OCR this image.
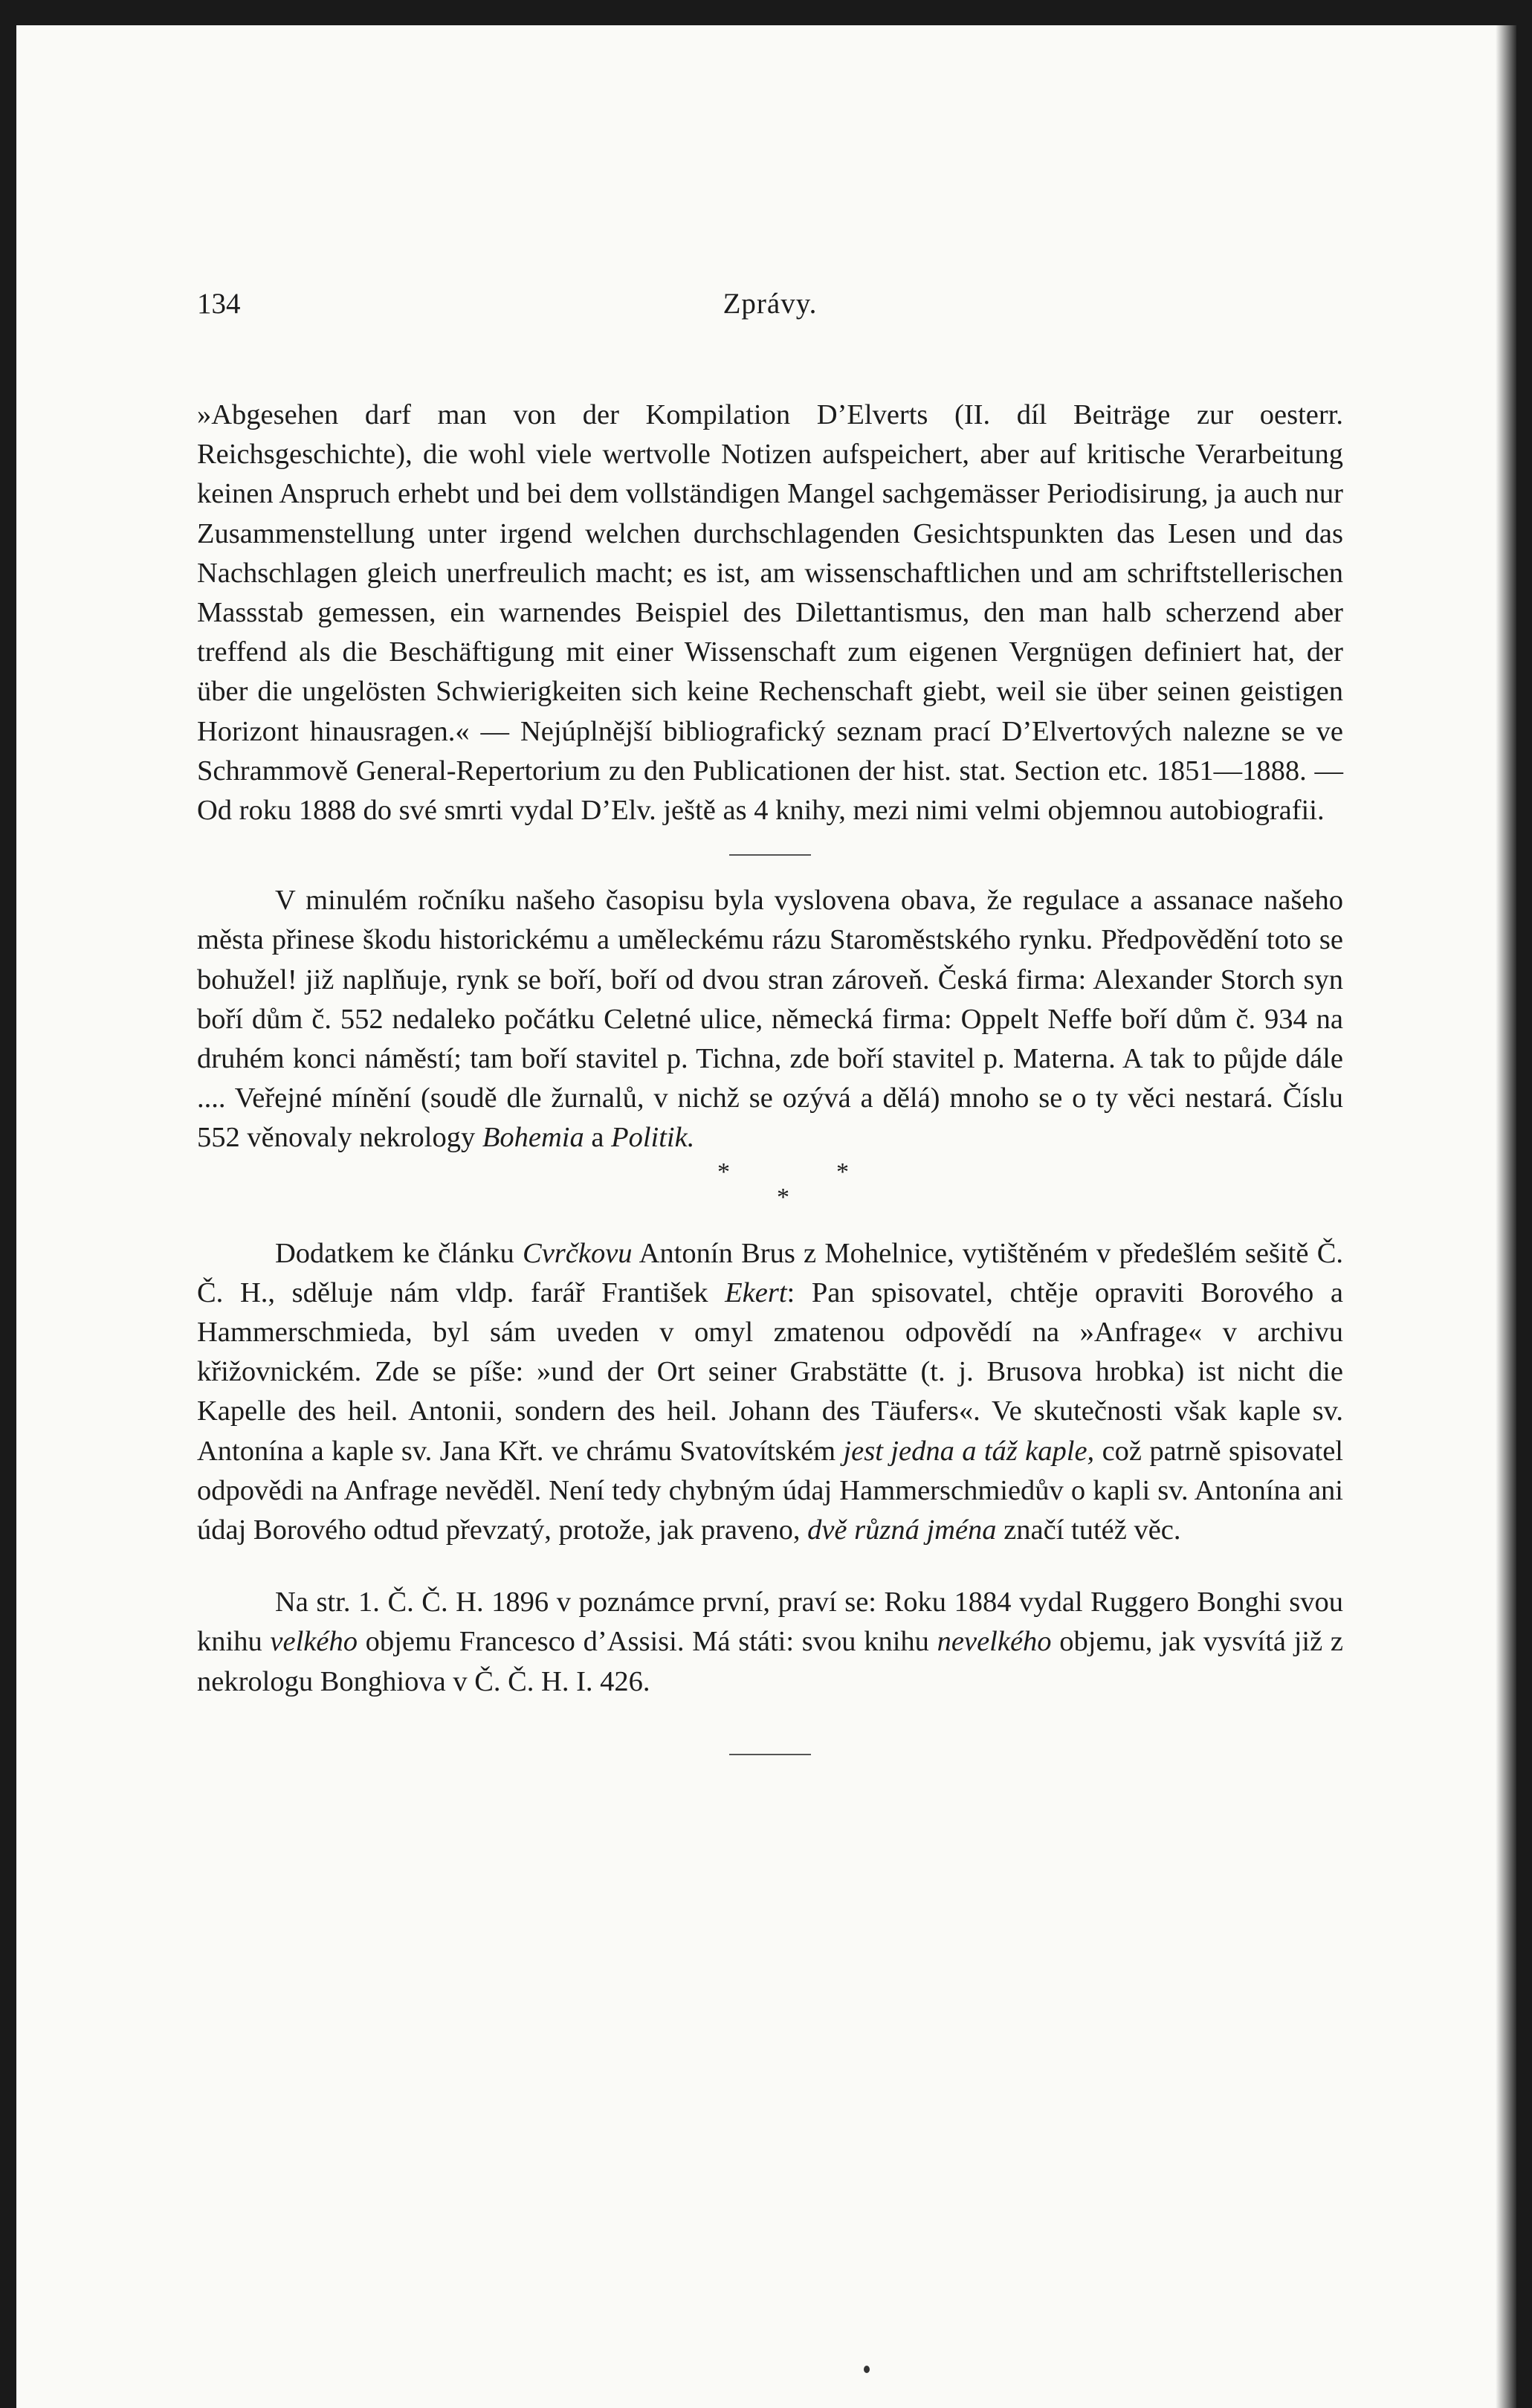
134	Zprávy.

»Abgesehen darf man von der Kompilation D’Elverts (II. díl Beiträge zur oesterr. Reichsgeschichte), die wohl viele wertvolle Notizen aufspeichert, aber auf kritische Verarbeitung keinen Anspruch erhebt und bei dem vollständigen Mangel sachgemässer Periodisirung, ja auch nur Zusammenstellung unter irgend welchen durchschlagenden Gesichtspunkten das Lesen und das Nachschlagen gleich unerfreulich macht; es ist, am wissenschaftlichen und am schriftstellerischen Massstab gemessen, ein warnendes Beispiel des Dilettantismus, den man halb scherzend aber treffend als die Beschäftigung mit einer Wissenschaft zum eigenen Vergnügen definiert hat, der über die ungelösten Schwierigkeiten sich keine Rechenschaft giebt, weil sie über seinen geistigen Horizont hinausragen.« — Nejúplnější bibliografický seznam prací D’Elvertových nalezne se ve Schrammově General-Repertorium zu den Publicationen der hist. stat. Section etc. 1851—1888. — Od roku 1888 do své smrti vydal D’Elv. ještě as 4 knihy, mezi nimi velmi objemnou autobiografii.

V minulém ročníku našeho časopisu byla vyslovena obava, že regulace a assanace našeho města přinese škodu historickému a uměleckému rázu Staroměstského rynku. Předpovědění toto se bohužel! již naplňuje, rynk se boří, boří od dvou stran zároveň. Česká firma: Alexander Storch syn boří dům č. 552 nedaleko počátku Celetné ulice, německá firma: Oppelt Neffe boří dům č. 934 na druhém konci náměstí; tam boří stavitel p. Tichna, zde boří stavitel p. Materna. A tak to půjde dále .... Veřejné mínění (soudě dle žurnalů, v nichž se ozývá a dělá) mnoho se o ty věci nestará. Číslu 552 věnovaly nekrology Bohemia a Politik.

*
*
*

Dodatkem ke článku Cvrčkovu Antonín Brus z Mohelnice, vytištěném v předešlém sešitě Č. Č. H., sděluje nám vldp. farář František Ekert: Pan spisovatel, chtěje opraviti Borového a Hammerschmieda, byl sám uveden v omyl zmatenou odpovědí na »Anfrage« v archivu křižovnickém. Zde se píše: »und der Ort seiner Grabstätte (t. j. Brusova hrobka) ist nicht die Kapelle des heil. Antonii, sondern des heil. Johann des Täufers«. Ve skutečnosti však kaple sv. Antonína a kaple sv. Jana Křt. ve chrámu Svatovítském jest jedna a táž kaple, což patrně spisovatel odpovědi na Anfrage nevěděl. Není tedy chybným údaj Hammerschmiedův o kapli sv. Antonína ani údaj Borového odtud převzatý, protože, jak praveno, dvě různá jména značí tutéž věc.

Na str. 1. Č. Č. H. 1896 v poznámce první, praví se: Roku 1884 vydal Ruggero Bonghi svou knihu velkého objemu Francesco d’Assisi. Má státi: svou knihu nevelkého objemu, jak vysvítá již z nekrologu Bonghiova v Č. Č. H. I. 426.
